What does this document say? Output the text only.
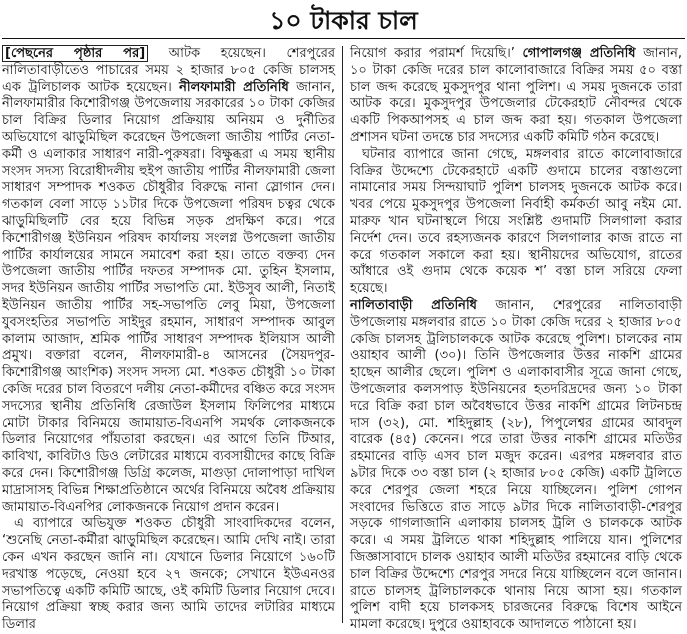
১০ টাকার চাল

[পেছনের পৃষ্ঠার পর] আটক হয়েছেন। শেরপুরের নালিতাবাড়ীতেও পাচারের সময় ২ হাজার ৮০৫ কেজি চালসহ এক ট্রলিচালক আটক হয়েছেন। নীলফামারী প্রতিনিধি জানান, নীলফামারীর কিশোরীগঞ্জ উপজেলায় সরকারের ১০ টাকা কেজির চাল বিক্রির ডিলার নিয়োগ প্রক্রিয়ায় অনিয়ম ও দুর্নীতির অভিযোগে ঝাড়ুমিছিল করেছেন উপজেলা জাতীয় পার্টির নেতা-কর্মী ও এলাকার সাধারণ নারী-পুরুষরা। বিক্ষুব্ধরা এ সময় স্থানীয় সংসদ সদস্য বিরোধীদলীয় হুইপ জাতীয় পার্টির নীলফামারী জেলা সাধারণ সম্পাদক শওকত চৌধুরীর বিরুদ্ধে নানা স্লোগান দেন। গতকাল বেলা সাড়ে ১১টার দিকে উপজেলা পরিষদ চত্বর থেকে ঝাড়ুমিছিলটি বের হয়ে বিভিন্ন সড়ক প্রদক্ষিণ করে। পরে কিশোরীগঞ্জ ইউনিয়ন পরিষদ কার্যালয় সংলগ্ন উপজেলা জাতীয় পার্টির কার্যালয়ের সামনে সমাবেশ করা হয়। তাতে বক্তব্য দেন উপজেলা জাতীয় পার্টির দফতর সম্পাদক মো. তুহিন ইসলাম, সদর ইউনিয়ন জাতীয় পার্টির সভাপতি মো. ইউসুব আলী, নিতাই ইউনিয়ন জাতীয় পার্টির সহ-সভাপতি লেবু মিয়া, উপজেলা যুবসংহতির সভাপতি সাইদুর রহমান, সাধারণ সম্পাদক আবুল কালাম আজাদ, শ্রমিক পার্টির সাধারণ সম্পাদক ইলিয়াস আলী প্রমুখ। বক্তারা বলেন, নীলফামারী-৪ আসনের (সৈয়দপুর-কিশোরীগঞ্জ আংশিক) সংসদ সদস্য মো. শওকত চৌধুরী ১০ টাকা কেজি দরের চাল বিতরণে দলীয় নেতা-কর্মীদের বঞ্চিত করে সংসদ সদস্যের স্থানীয় প্রতিনিধি রেজাউল ইসলাম ফিলিপের মাধ্যমে মোটা টাকার বিনিময়ে জামায়াত-বিএনপি সমর্থক লোকজনকে ডিলার নিয়োগের পাঁয়তারা করছেন। এর আগে তিনি টিআর, কাবিখা, কাবিটাও ডিও লেটারের মাধ্যমে ব্যবসায়ীদের কাছে বিক্রি করে দেন। কিশোরীগঞ্জ ডিগ্রি কলেজ, মাগুড়া দোলাপাড়া দাখিল মাদ্রাসাসহ বিভিন্ন শিক্ষাপ্রতিষ্ঠানে অর্থের বিনিময়ে অবৈধ প্রক্রিয়ায় জামায়াত-বিএনপির লোকজনকে নিয়োগ প্রদান করেন।

এ ব্যাপারে অভিযুক্ত শওকত চৌধুরী সাংবাদিকদের বলেন, ‘শুনেছি নেতা-কর্মীরা ঝাড়ুমিছিল করেছেন। আমি দেখি নাই। তারা কেন এখন করছেন জানি না। যেখানে ডিলার নিয়োগে ১৬০টি দরখাস্ত পড়েছে, নেওয়া হবে ২৭ জনকে; সেখানে ইউএনওর সভাপতিত্বে একটি কমিটি আছে, ওই কমিটি ডিলার নিয়োগ দেবে। নিয়োগ প্রক্রিয়া স্বচ্ছ করার জন্য আমি তাদের লটারির মাধ্যমে ডিলার

নিয়োগ করার পরামর্শ দিয়েছি।’ গোপালগঞ্জ প্রতিনিধি জানান, ১০ টাকা কেজি দরের চাল কালোবাজারে বিক্রির সময় ৫০ বস্তা চাল জব্দ করেছে মুকসুদপুর থানা পুলিশ। এ সময় দুজনকে তারা আটক করে। মুকসুদপুর উপজেলার টেকেরহাট নৌবন্দর থেকে একটি পিকআপসহ এ চাল জব্দ করা হয়। গতকাল উপজেলা প্রশাসন ঘটনা তদন্তে চার সদস্যের একটি কমিটি গঠন করেছে।

ঘটনার ব্যাপারে জানা গেছে, মঙ্গলবার রাতে কালোবাজারে বিক্রির উদ্দেশ্যে টেকেরহাটে একটি গুদামে চালের বস্তাগুলো নামানোর সময় সিন্দয়াঘাট পুলিশ চালসহ দুজনকে আটক করে। খবর পেয়ে মুকসুদপুর উপজেলা নির্বাহী কর্মকর্তা আবু নইম মো. মারুফ খান ঘটনাস্থলে গিয়ে সংশ্লিষ্ট গুদামটি সিলগালা করার নির্দেশ দেন। তবে রহস্যজনক কারণে সিলগালার কাজ রাতে না করে গতকাল সকালে করা হয়। স্থানীয়দের অভিযোগ, রাতের আঁধারে ওই গুদাম থেকে কয়েক শ’ বস্তা চাল সরিয়ে ফেলা হয়েছে।

নালিতাবাড়ী প্রতিনিধি জানান, শেরপুরের নালিতাবাড়ী উপজেলায় মঙ্গলবার রাতে ১০ টাকা কেজি দরের ২ হাজার ৮০৫ কেজি চালসহ ট্রলিচালককে আটক করেছে পুলিশ। চালকের নাম ওয়াহাব আলী (৩০)। তিনি উপজেলার উত্তর নাকশি গ্রামের হাছেন আলীর ছেলে। পুলিশ ও এলাকাবাসীর সূত্রে জানা গেছে, উপজেলার কলসপাড় ইউনিয়নের হতদরিদ্রদের জন্য ১০ টাকা দরে বিক্রি করা চাল অবৈধভাবে উত্তর নাকশি গ্রামের লিটনচন্দ্র দাস (৩২), মো. শহিদুল্লাহ (২৮), পিপুলেশ্বর গ্রামের আবদুল বারেক (৪৫) কেনেন। পরে তারা উত্তর নাকশি গ্রামের মতিউর রহমানের বাড়ি এসব চাল মজুদ করেন। এরপর মঙ্গলবার রাত ৯টার দিকে ৩৩ বস্তা চাল (২ হাজার ৮০৫ কেজি) একটি ট্রলিতে করে শেরপুর জেলা শহরে নিয়ে যাচ্ছিলেন। পুলিশ গোপন সংবাদের ভিত্তিতে রাত সাড়ে ৯টার দিকে নালিতাবাড়ী-শেরপুর সড়কে গাগলাজানি এলাকায় চালসহ ট্রলি ও চালককে আটক করে। এ সময় ট্রলিতে থাকা শহিদুল্লাহ পালিয়ে যান। পুলিশের জিজ্ঞাসাবাদে চালক ওয়াহাব আলী মতিউর রহমানের বাড়ি থেকে চাল বিক্রির উদ্দেশ্যে শেরপুর সদরে নিয়ে যাচ্ছিলেন বলে জানান। রাতে চালসহ ট্রলিচালককে থানায় নিয়ে আসা হয়। গতকাল পুলিশ বাদী হয়ে চালকসহ চারজনের বিরুদ্ধে বিশেষ আইনে মামলা করেছে। দুপুরে ওয়াহাবকে আদালতে পাঠানো হয়।
